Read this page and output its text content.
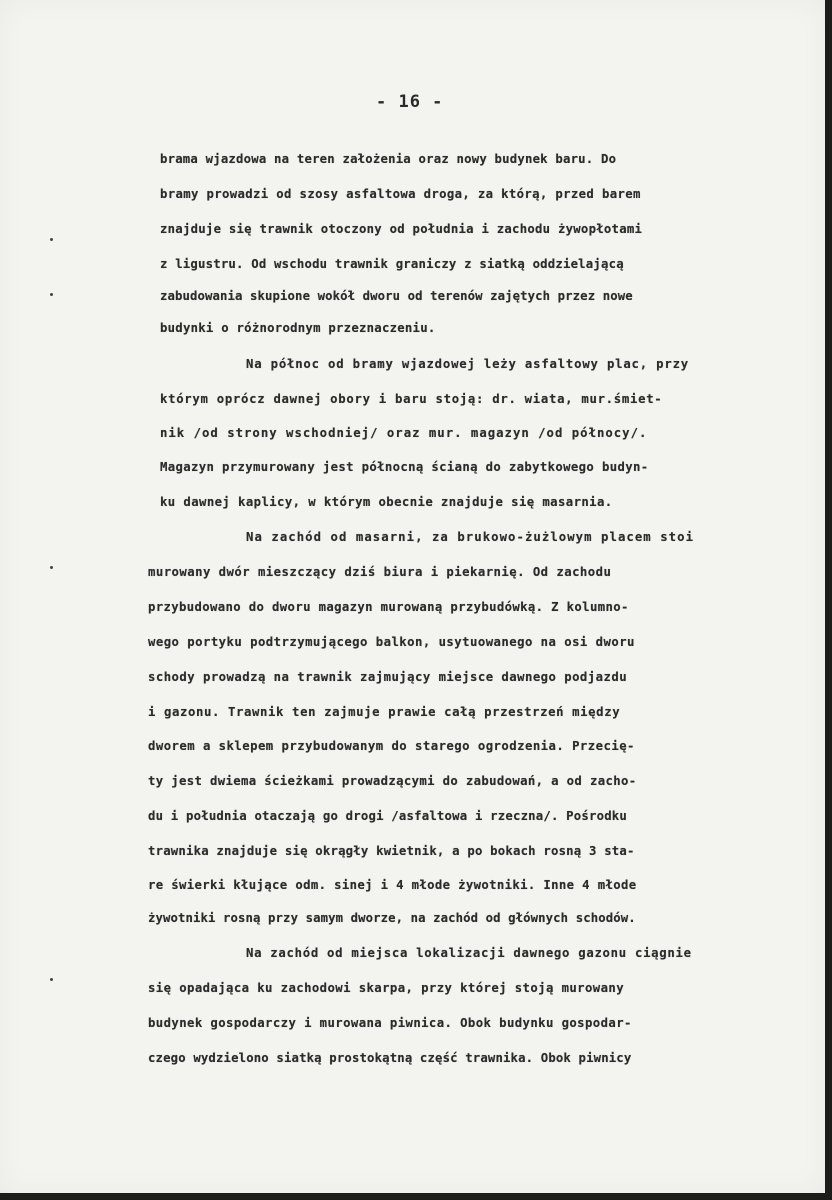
- 16 -
brama wjazdowa na teren założenia oraz nowy budynek baru. Do
bramy prowadzi od szosy asfaltowa droga, za którą, przed barem
znajduje się trawnik otoczony od południa i zachodu żywopłotami
z ligustru. Od wschodu trawnik graniczy z siatką oddzielającą
zabudowania skupione wokół dworu od terenów zajętych przez nowe
budynki o różnorodnym przeznaczeniu.
Na północ od bramy wjazdowej leży asfaltowy plac, przy
którym oprócz dawnej obory i baru stoją: dr. wiata, mur.śmiet-
nik /od strony wschodniej/ oraz mur. magazyn /od północy/.
Magazyn przymurowany jest północną ścianą do zabytkowego budyn-
ku dawnej kaplicy, w którym obecnie znajduje się masarnia.
Na zachód od masarni, za brukowo-żużlowym placem stoi
murowany dwór mieszczący dziś biura i piekarnię. Od zachodu
przybudowano do dworu magazyn murowaną przybudówką. Z kolumno-
wego portyku podtrzymującego balkon, usytuowanego na osi dworu
schody prowadzą na trawnik zajmujący miejsce dawnego podjazdu
i gazonu. Trawnik ten zajmuje prawie całą przestrzeń między
dworem a sklepem przybudowanym do starego ogrodzenia. Przecię-
ty jest dwiema ścieżkami prowadzącymi do zabudowań, a od zacho-
du i południa otaczają go drogi /asfaltowa i rzeczna/. Pośrodku
trawnika znajduje się okrągły kwietnik, a po bokach rosną 3 sta-
re świerki kłujące odm. sinej i 4 młode żywotniki. Inne 4 młode
żywotniki rosną przy samym dworze, na zachód od głównych schodów.
Na zachód od miejsca lokalizacji dawnego gazonu ciągnie
się opadająca ku zachodowi skarpa, przy której stoją murowany
budynek gospodarczy i murowana piwnica. Obok budynku gospodar-
czego wydzielono siatką prostokątną część trawnika. Obok piwnicy
